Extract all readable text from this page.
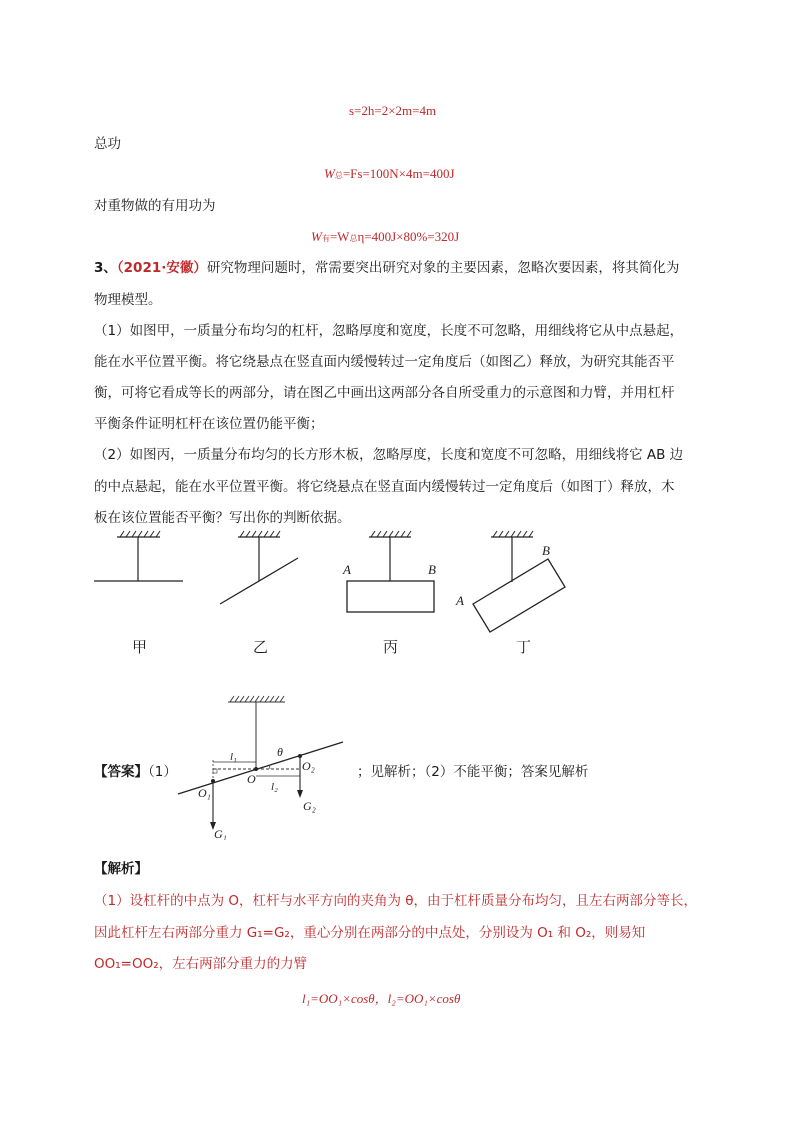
s=2h=2×2m=4m
总功
W总=Fs=100N×4m=400J
对重物做的有用功为
W有=W总η=400J×80%=320J
3、（2021·安徽）研究物理问题时，常需要突出研究对象的主要因素，忽略次要因素，将其简化为
物理模型。
（1）如图甲，一质量分布均匀的杠杆，忽略厚度和宽度，长度不可忽略，用细线将它从中点悬起，
能在水平位置平衡。将它绕悬点在竖直面内缓慢转过一定角度后（如图乙）释放，为研究其能否平
衡，可将它看成等长的两部分，请在图乙中画出这两部分各自所受重力的示意图和力臂，并用杠杆
平衡条件证明杠杆在该位置仍能平衡；
（2）如图丙，一质量分布均匀的长方形木板，忽略厚度，长度和宽度不可忽略，用细线将它 AB 边
的中点悬起，能在水平位置平衡。将它绕悬点在竖直面内缓慢转过一定角度后（如图丁）释放，木
板在该位置能否平衡？写出你的判断依据。
A	B
A
B
甲	乙	丙	丁
【答案】（1）	；见解析；（2）不能平衡；答案见解析
l₁
l₂
O
O₁
O₂
θ
G₁
G₂
【解析】
（1）设杠杆的中点为 O，杠杆与水平方向的夹角为 θ，由于杠杆质量分布均匀，且左右两部分等长，
因此杠杆左右两部分重力 G₁=G₂，重心分别在两部分的中点处，分别设为 O₁ 和 O₂，则易知
OO₁=OO₂，左右两部分重力的力臂
l₁=OO₁×cosθ，l₂=OO₁×cosθ
